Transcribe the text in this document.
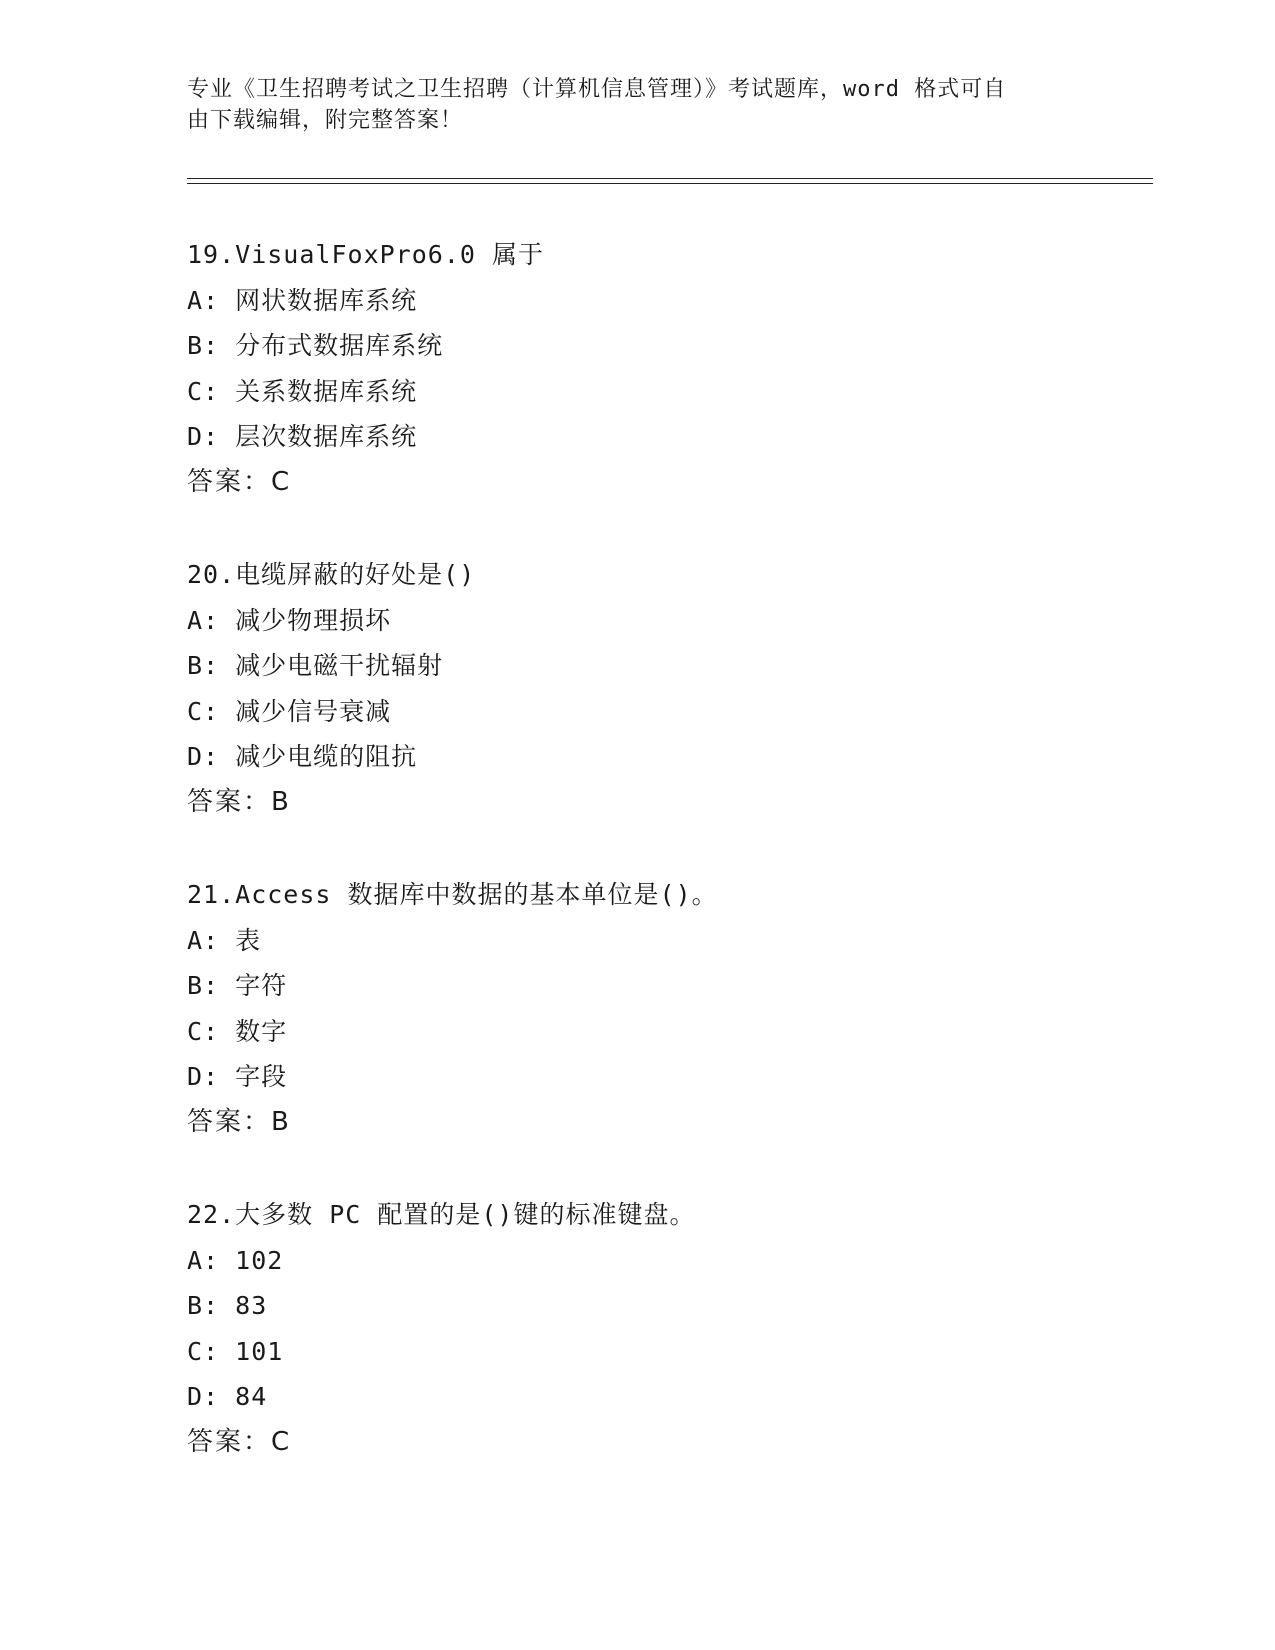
专业《卫生招聘考试之卫生招聘（计算机信息管理）》考试题库，word 格式可自
由下载编辑，附完整答案！
19.VisualFoxPro6.0 属于
A: 网状数据库系统
B: 分布式数据库系统
C: 关系数据库系统
D: 层次数据库系统
答案：C
20.电缆屏蔽的好处是()
A: 减少物理损坏
B: 减少电磁干扰辐射
C: 减少信号衰减
D: 减少电缆的阻抗
答案：B
21.Access 数据库中数据的基本单位是()。
A: 表
B: 字符
C: 数字
D: 字段
答案：B
22.大多数 PC 配置的是()键的标准键盘。
A: 102
B: 83
C: 101
D: 84
答案：C
